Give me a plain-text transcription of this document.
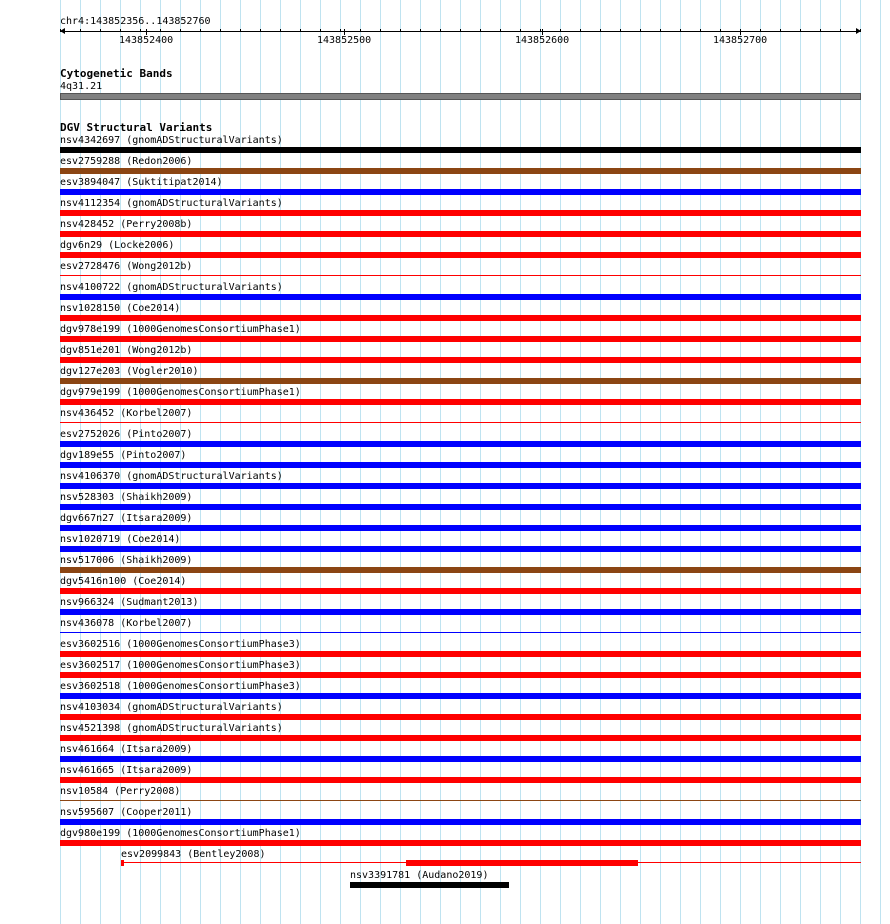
chr4:143852356..143852760
143852400	143852500	143852600	143852700
Cytogenetic Bands
4q31.21
DGV Structural Variants
nsv4342697 (gnomADStructuralVariants)
esv2759288 (Redon2006)
esv3894047 (Suktitipat2014)
nsv4112354 (gnomADStructuralVariants)
nsv428452 (Perry2008b)
dgv6n29 (Locke2006)
esv2728476 (Wong2012b)
nsv4100722 (gnomADStructuralVariants)
nsv1028150 (Coe2014)
dgv978e199 (1000GenomesConsortiumPhase1)
dgv851e201 (Wong2012b)
dgv127e203 (Vogler2010)
dgv979e199 (1000GenomesConsortiumPhase1)
nsv436452 (Korbel2007)
esv2752026 (Pinto2007)
dgv189e55 (Pinto2007)
nsv4106370 (gnomADStructuralVariants)
nsv528303 (Shaikh2009)
dgv667n27 (Itsara2009)
nsv1020719 (Coe2014)
nsv517006 (Shaikh2009)
dgv5416n100 (Coe2014)
nsv966324 (Sudmant2013)
nsv436078 (Korbel2007)
esv3602516 (1000GenomesConsortiumPhase3)
esv3602517 (1000GenomesConsortiumPhase3)
esv3602518 (1000GenomesConsortiumPhase3)
nsv4103034 (gnomADStructuralVariants)
nsv4521398 (gnomADStructuralVariants)
nsv461664 (Itsara2009)
nsv461665 (Itsara2009)
nsv10584 (Perry2008)
nsv595607 (Cooper2011)
dgv980e199 (1000GenomesConsortiumPhase1)
esv2099843 (Bentley2008)
nsv3391781 (Audano2019)
